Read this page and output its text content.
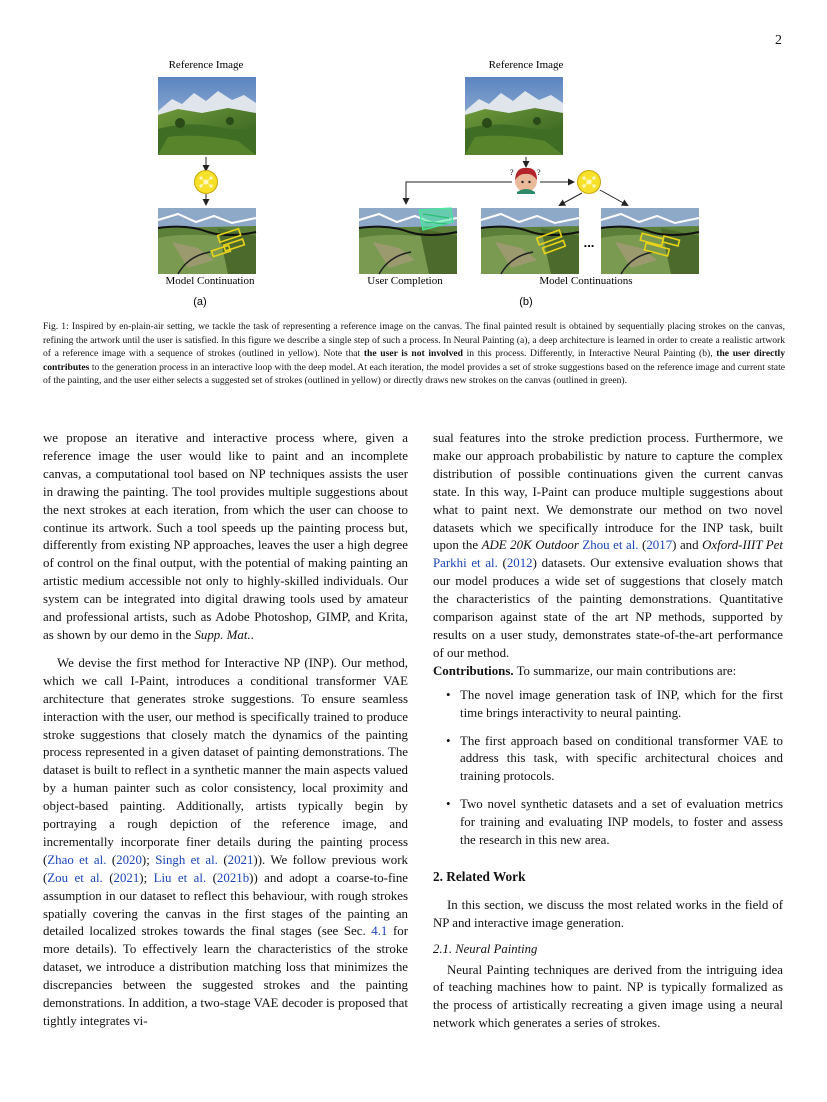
2
Reference Image
Model Continuation
(a)
Reference Image
?
?
User Completion
...
Model Continuations
(b)
Fig. 1: Inspired by en-plain-air setting, we tackle the task of representing a reference image on the canvas. The final painted result is obtained by sequentially placing strokes on the canvas, refining the artwork until the user is satisfied. In this figure we describe a single step of such a process. In Neural Painting (a), a deep architecture is learned in order to create a realistic artwork of a reference image with a sequence of strokes (outlined in yellow). Note that the user is not involved in this process. Differently, in Interactive Neural Painting (b), the user directly contributes to the generation process in an interactive loop with the deep model. At each iteration, the model provides a set of stroke suggestions based on the reference image and current state of the painting, and the user either selects a suggested set of strokes (outlined in yellow) or directly draws new strokes on the canvas (outlined in green).

we propose an iterative and interactive process where, given a reference image the user would like to paint and an incomplete canvas, a computational tool based on NP techniques assists the user in drawing the painting. The tool provides multiple suggestions about the next strokes at each iteration, from which the user can choose to continue its artwork. Such a tool speeds up the painting process but, differently from existing NP approaches, leaves the user a high degree of control on the final output, with the potential of making painting an artistic medium accessible not only to highly-skilled individuals. Our system can be integrated into digital drawing tools used by amateur and professional artists, such as Adobe Photoshop, GIMP, and Krita, as shown by our demo in the Supp. Mat..

We devise the first method for Interactive NP (INP). Our method, which we call I-Paint, introduces a conditional transformer VAE architecture that generates stroke suggestions. To ensure seamless interaction with the user, our method is specifically trained to produce stroke suggestions that closely match the dynamics of the painting process represented in a given dataset of painting demonstrations. The dataset is built to reflect in a synthetic manner the main aspects valued by a human painter such as color consistency, local proximity and object-based painting. Additionally, artists typically begin by portraying a rough depiction of the reference image, and incrementally incorporate finer details during the painting process (Zhao et al. (2020); Singh et al. (2021)). We follow previous work (Zou et al. (2021); Liu et al. (2021b)) and adopt a coarse-to-fine assumption in our dataset to reflect this behaviour, with rough strokes spatially covering the canvas in the first stages of the painting an detailed localized strokes towards the final stages (see Sec. 4.1 for more details). To effectively learn the characteristics of the stroke dataset, we introduce a distribution matching loss that minimizes the discrepancies between the suggested strokes and the painting demonstrations. In addition, a two-stage VAE decoder is proposed that tightly integrates vi-

sual features into the stroke prediction process. Furthermore, we make our approach probabilistic by nature to capture the complex distribution of possible continuations given the current canvas state. In this way, I-Paint can produce multiple suggestions about what to paint next. We demonstrate our method on two novel datasets which we specifically introduce for the INP task, built upon the ADE 20K Outdoor Zhou et al. (2017) and Oxford-IIIT Pet Parkhi et al. (2012) datasets. Our extensive evaluation shows that our model produces a wide set of suggestions that closely match the characteristics of the painting demonstrations. Quantitative comparison against state of the art NP methods, supported by results on a user study, demonstrates state-of-the-art performance of our method.

Contributions. To summarize, our main contributions are:

• The novel image generation task of INP, which for the first time brings interactivity to neural painting.
• The first approach based on conditional transformer VAE to address this task, with specific architectural choices and training protocols.
• Two novel synthetic datasets and a set of evaluation metrics for training and evaluating INP models, to foster and assess the research in this new area.
2. Related Work

In this section, we discuss the most related works in the field of NP and interactive image generation.

2.1. Neural Painting

Neural Painting techniques are derived from the intriguing idea of teaching machines how to paint. NP is typically formalized as the process of artistically recreating a given image using a neural network which generates a series of strokes.
